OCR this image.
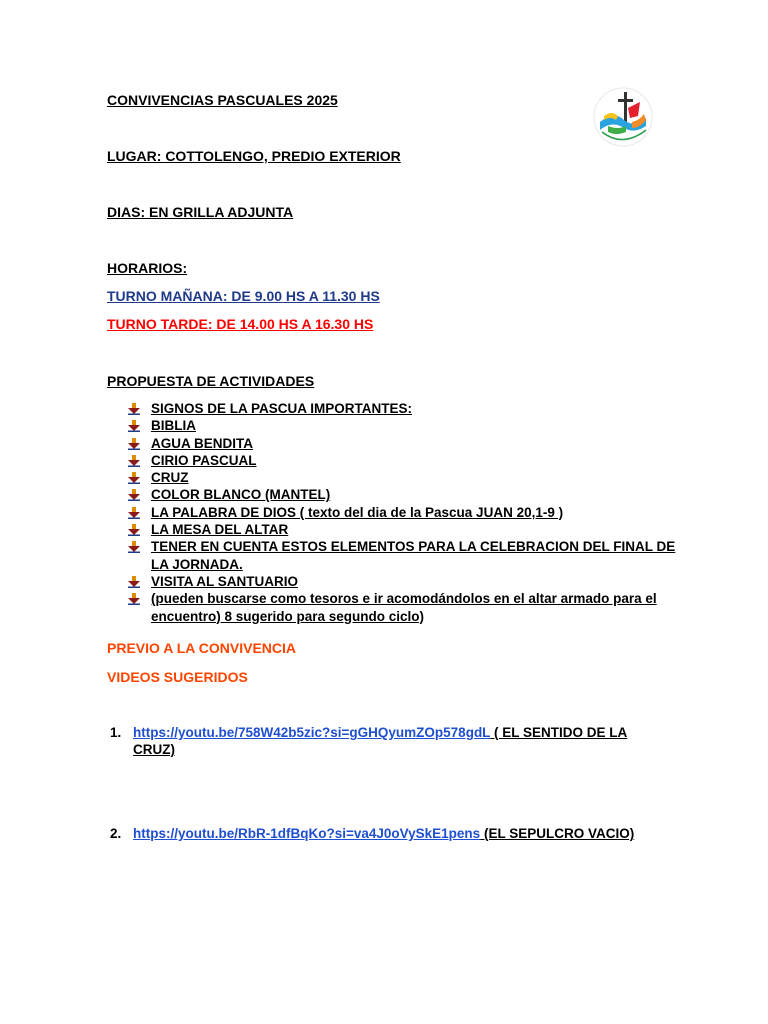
CONVIVENCIAS PASCUALES 2025
LUGAR: COTTOLENGO, PREDIO EXTERIOR
DIAS: EN GRILLA ADJUNTA
HORARIOS:
TURNO MAÑANA: DE 9.00 HS A 11.30 HS
TURNO TARDE: DE 14.00 HS A 16.30 HS
PROPUESTA DE ACTIVIDADES
SIGNOS DE LA PASCUA IMPORTANTES:
BIBLIA
AGUA BENDITA
CIRIO PASCUAL
CRUZ
COLOR BLANCO (MANTEL)
LA PALABRA DE DIOS ( texto del dia de la Pascua JUAN 20,1-9 )
LA MESA DEL ALTAR
TENER EN CUENTA ESTOS ELEMENTOS PARA LA CELEBRACION DEL FINAL DE LA JORNADA.
VISITA AL SANTUARIO
(pueden buscarse como tesoros e ir acomodándolos en el altar armado para el encuentro) 8 sugerido para segundo ciclo)
PREVIO A LA CONVIVENCIA
VIDEOS SUGERIDOS
1. https://youtu.be/758W42b5zic?si=gGHQyumZOp578gdL ( EL SENTIDO DE LA CRUZ)
2. https://youtu.be/RbR-1dfBqKo?si=va4J0oVySkE1pens (EL SEPULCRO VACIO)
